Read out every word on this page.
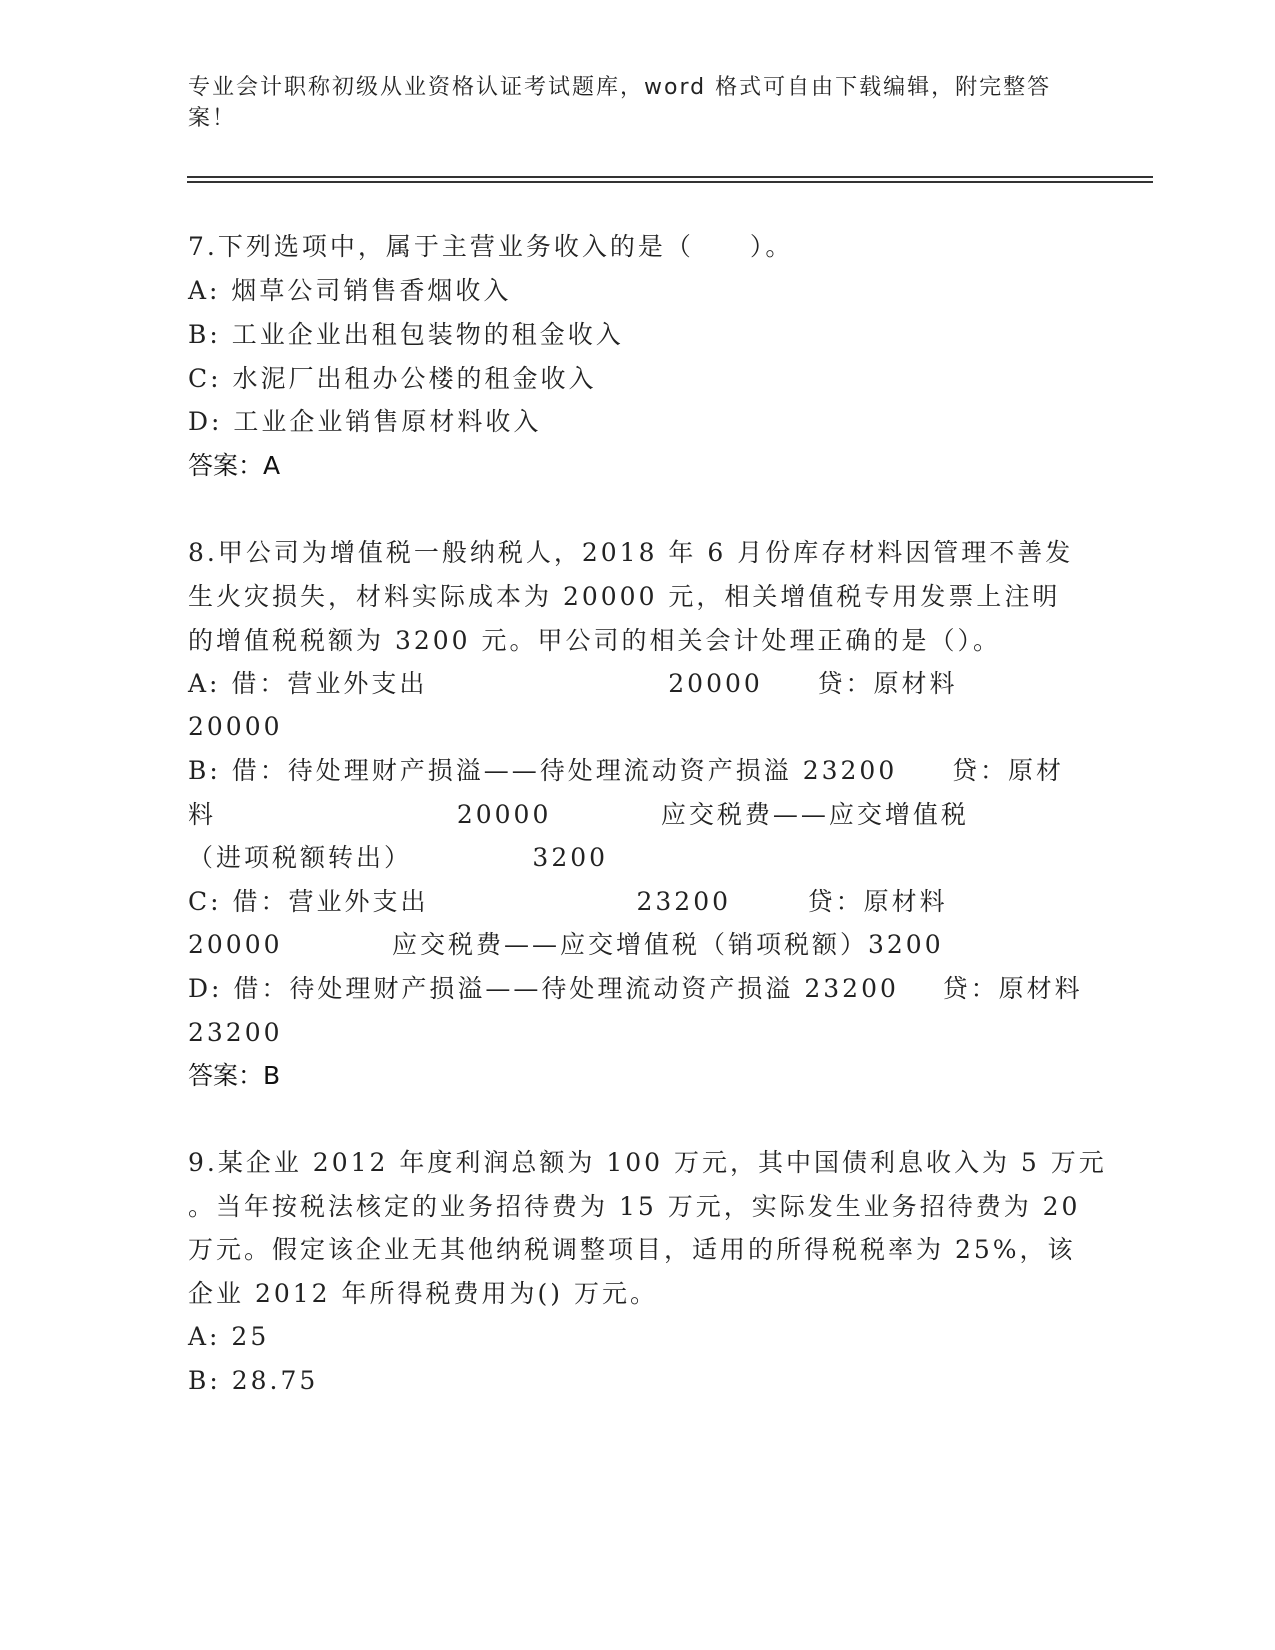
专业会计职称初级从业资格认证考试题库，word 格式可自由下载编辑，附完整答案！
7.下列选项中，属于主营业务收入的是（　　）。
A: 烟草公司销售香烟收入
B: 工业企业出租包装物的租金收入
C: 水泥厂出租办公楼的租金收入
D: 工业企业销售原材料收入
答案：A
8.甲公司为增值税一般纳税人，2018 年 6 月份库存材料因管理不善发
生火灾损失，材料实际成本为 20000 元，相关增值税专用发票上注明
的增值税税额为 3200 元。甲公司的相关会计处理正确的是（）。
A: 借：营业外支出                      20000     贷：原材料
20000
B: 借：待处理财产损溢——待处理流动资产损溢 23200     贷：原材
料                      20000          应交税费——应交增值税
（进项税额转出）           3200
C: 借：营业外支出                   23200       贷：原材料
20000          应交税费——应交增值税（销项税额）3200
D: 借：待处理财产损溢——待处理流动资产损溢 23200    贷：原材料
23200
答案：B
9.某企业 2012 年度利润总额为 100 万元，其中国债利息收入为 5 万元
。当年按税法核定的业务招待费为 15 万元，实际发生业务招待费为 20
万元。假定该企业无其他纳税调整项目，适用的所得税税率为 25%，该
企业 2012 年所得税费用为() 万元。
A: 25
B: 28.75
